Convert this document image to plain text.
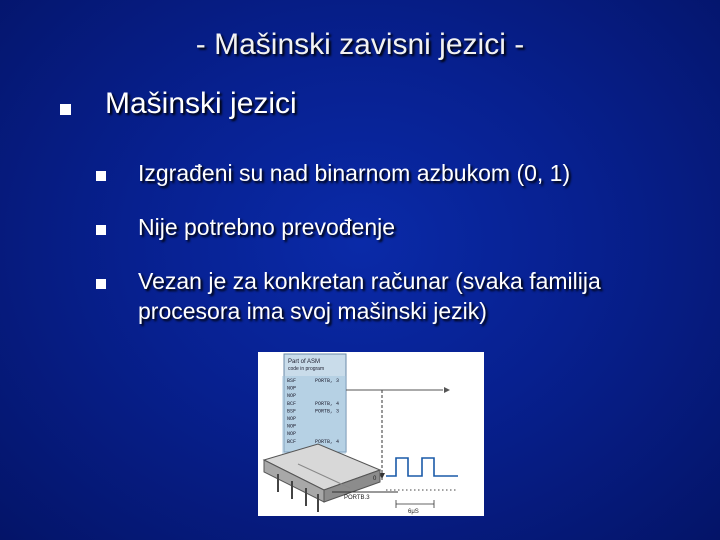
- Mašinski zavisni jezici -
Mašinski jezici
Izgrađeni su nad binarnom azbukom (0, 1)
Nije potrebno prevođenje
Vezan je za konkretan računar (svaka familija procesora ima svoj mašinski jezik)
Part of ASM
code in program
BSF	PORTB, 3
NOP
NOP
BCF	PORTB, 4
BSF	PORTB, 3
NOP
NOP
NOP
BCF	PORTB, 4
PORTB.3
0
6μS
